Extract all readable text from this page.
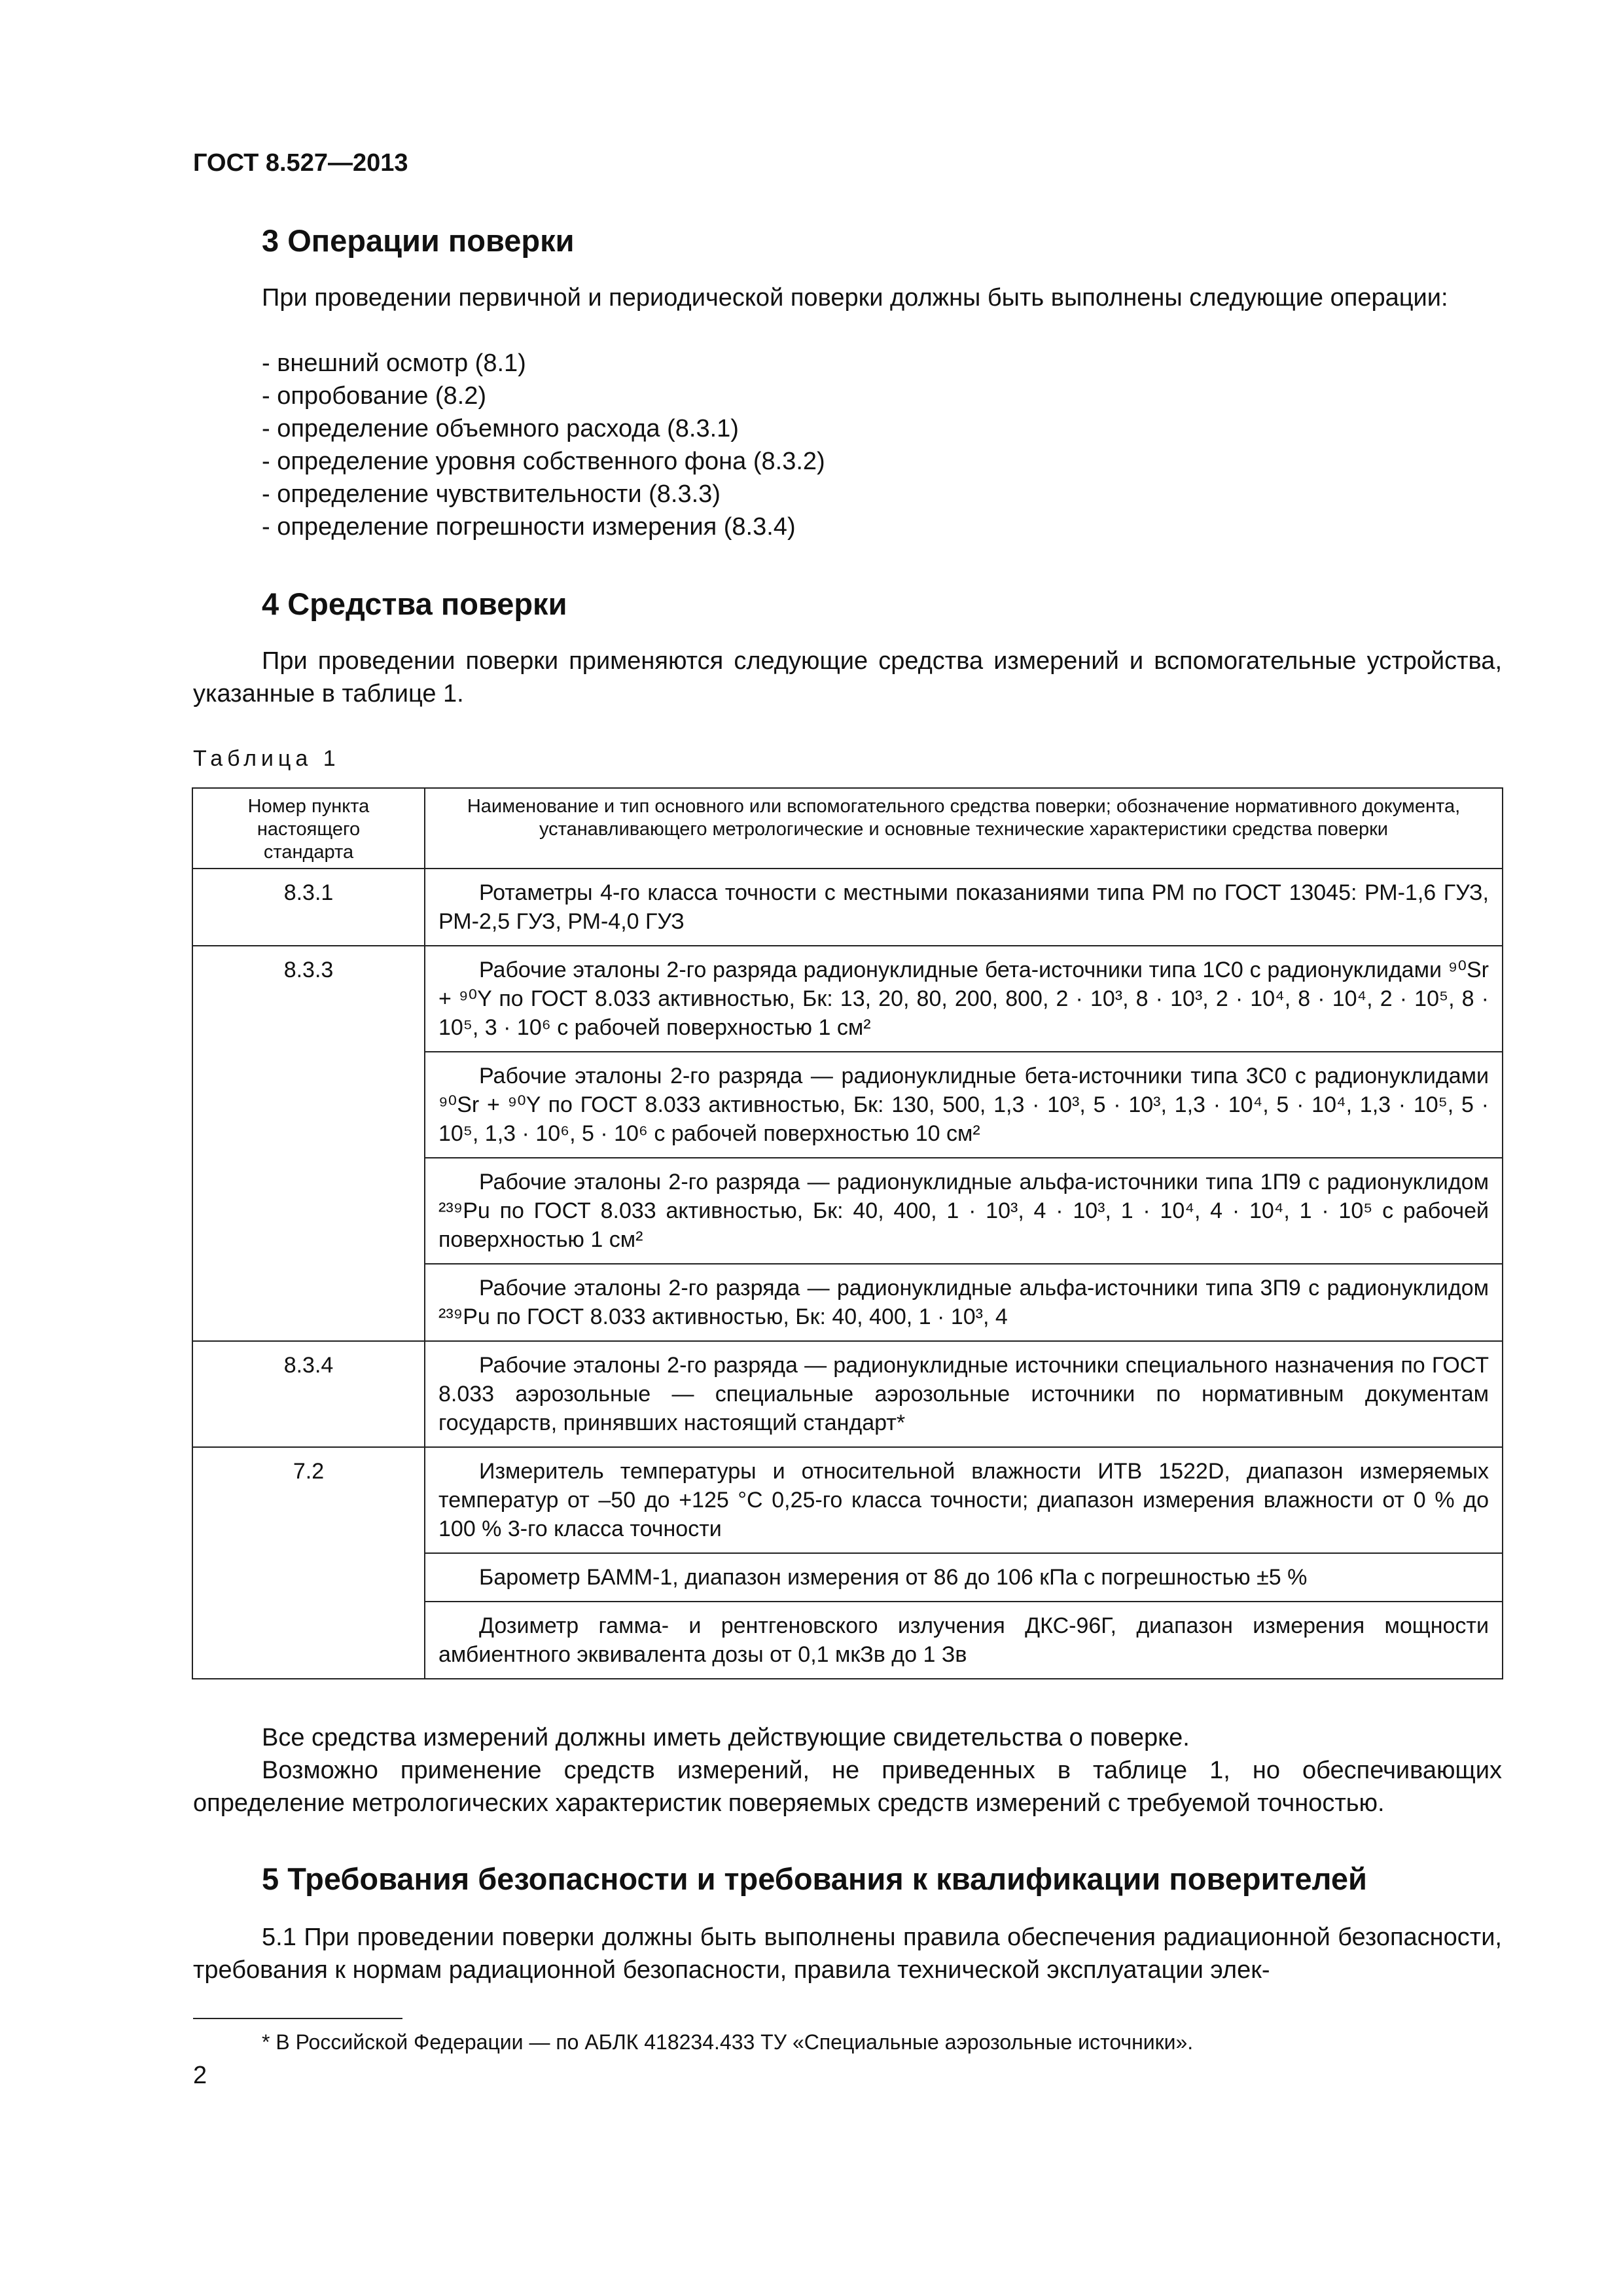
ГОСТ 8.527—2013
3 Операции поверки

При проведении первичной и периодической поверки должны быть выполнены следующие операции:

- внешний осмотр (8.1)
- опробование (8.2)
- определение объемного расхода (8.3.1)
- определение уровня собственного фона (8.3.2)
- определение чувствительности (8.3.3)
- определение погрешности измерения (8.3.4)
4 Средства поверки

При проведении поверки применяются следующие средства измерений и вспомогательные устройства, указанные в таблице 1.

Таблица 1
Номер пункта настоящего стандарта	Наименование и тип основного или вспомогательного средства поверки; обозначение нормативного документа, устанавливающего метрологические и основные технические характеристики средства поверки
8.3.1	Ротаметры 4-го класса точности с местными показаниями типа РМ по ГОСТ 13045: РМ-1,6 ГУЗ, РМ-2,5 ГУЗ, РМ-4,0 ГУЗ
8.3.3	Рабочие эталоны 2-го разряда радионуклидные бета-источники типа 1С0 с радионуклидами ⁹⁰Sr + ⁹⁰Y по ГОСТ 8.033 активностью, Бк: 13, 20, 80, 200, 800, 2 · 10³, 8 · 10³, 2 · 10⁴, 8 · 10⁴, 2 · 10⁵, 8 · 10⁵, 3 · 10⁶ с рабочей поверхностью 1 см²
	Рабочие эталоны 2-го разряда — радионуклидные бета-источники типа 3С0 с радионуклидами ⁹⁰Sr + ⁹⁰Y по ГОСТ 8.033 активностью, Бк: 130, 500, 1,3 · 10³, 5 · 10³, 1,3 · 10⁴, 5 · 10⁴, 1,3 · 10⁵, 5 · 10⁵, 1,3 · 10⁶, 5 · 10⁶ с рабочей поверхностью 10 см²
	Рабочие эталоны 2-го разряда — радионуклидные альфа-источники типа 1П9 с радионуклидом ²³⁹Pu по ГОСТ 8.033 активностью, Бк: 40, 400, 1 · 10³, 4 · 10³, 1 · 10⁴, 4 · 10⁴, 1 · 10⁵ с рабочей поверхностью 1 см²
	Рабочие эталоны 2-го разряда — радионуклидные альфа-источники типа 3П9 с радионуклидом ²³⁹Pu по ГОСТ 8.033 активностью, Бк: 40, 400, 1 · 10³, 4
8.3.4	Рабочие эталоны 2-го разряда — радионуклидные источники специального назначения по ГОСТ 8.033 аэрозольные — специальные аэрозольные источники по нормативным документам государств, принявших настоящий стандарт*
7.2	Измеритель температуры и относительной влажности ИТВ 1522D, диапазон измеряемых температур от –50 до +125 °С 0,25-го класса точности; диапазон измерения влажности от 0 % до 100 % 3-го класса точности
	Барометр БАММ-1, диапазон измерения от 86 до 106 кПа с погрешностью ±5 %
	Дозиметр гамма- и рентгеновского излучения ДКС-96Г, диапазон измерения мощности амбиентного эквивалента дозы от 0,1 мкЗв до 1 Зв

Все средства измерений должны иметь действующие свидетельства о поверке.

Возможно применение средств измерений, не приведенных в таблице 1, но обеспечивающих определение метрологических характеристик поверяемых средств измерений с требуемой точностью.

5 Требования безопасности и требования к квалификации поверителей

5.1 При проведении поверки должны быть выполнены правила обеспечения радиационной безопасности, требования к нормам радиационной безопасности, правила технической эксплуатации элек-

* В Российской Федерации — по АБЛК 418234.433 ТУ «Специальные аэрозольные источники».
2
